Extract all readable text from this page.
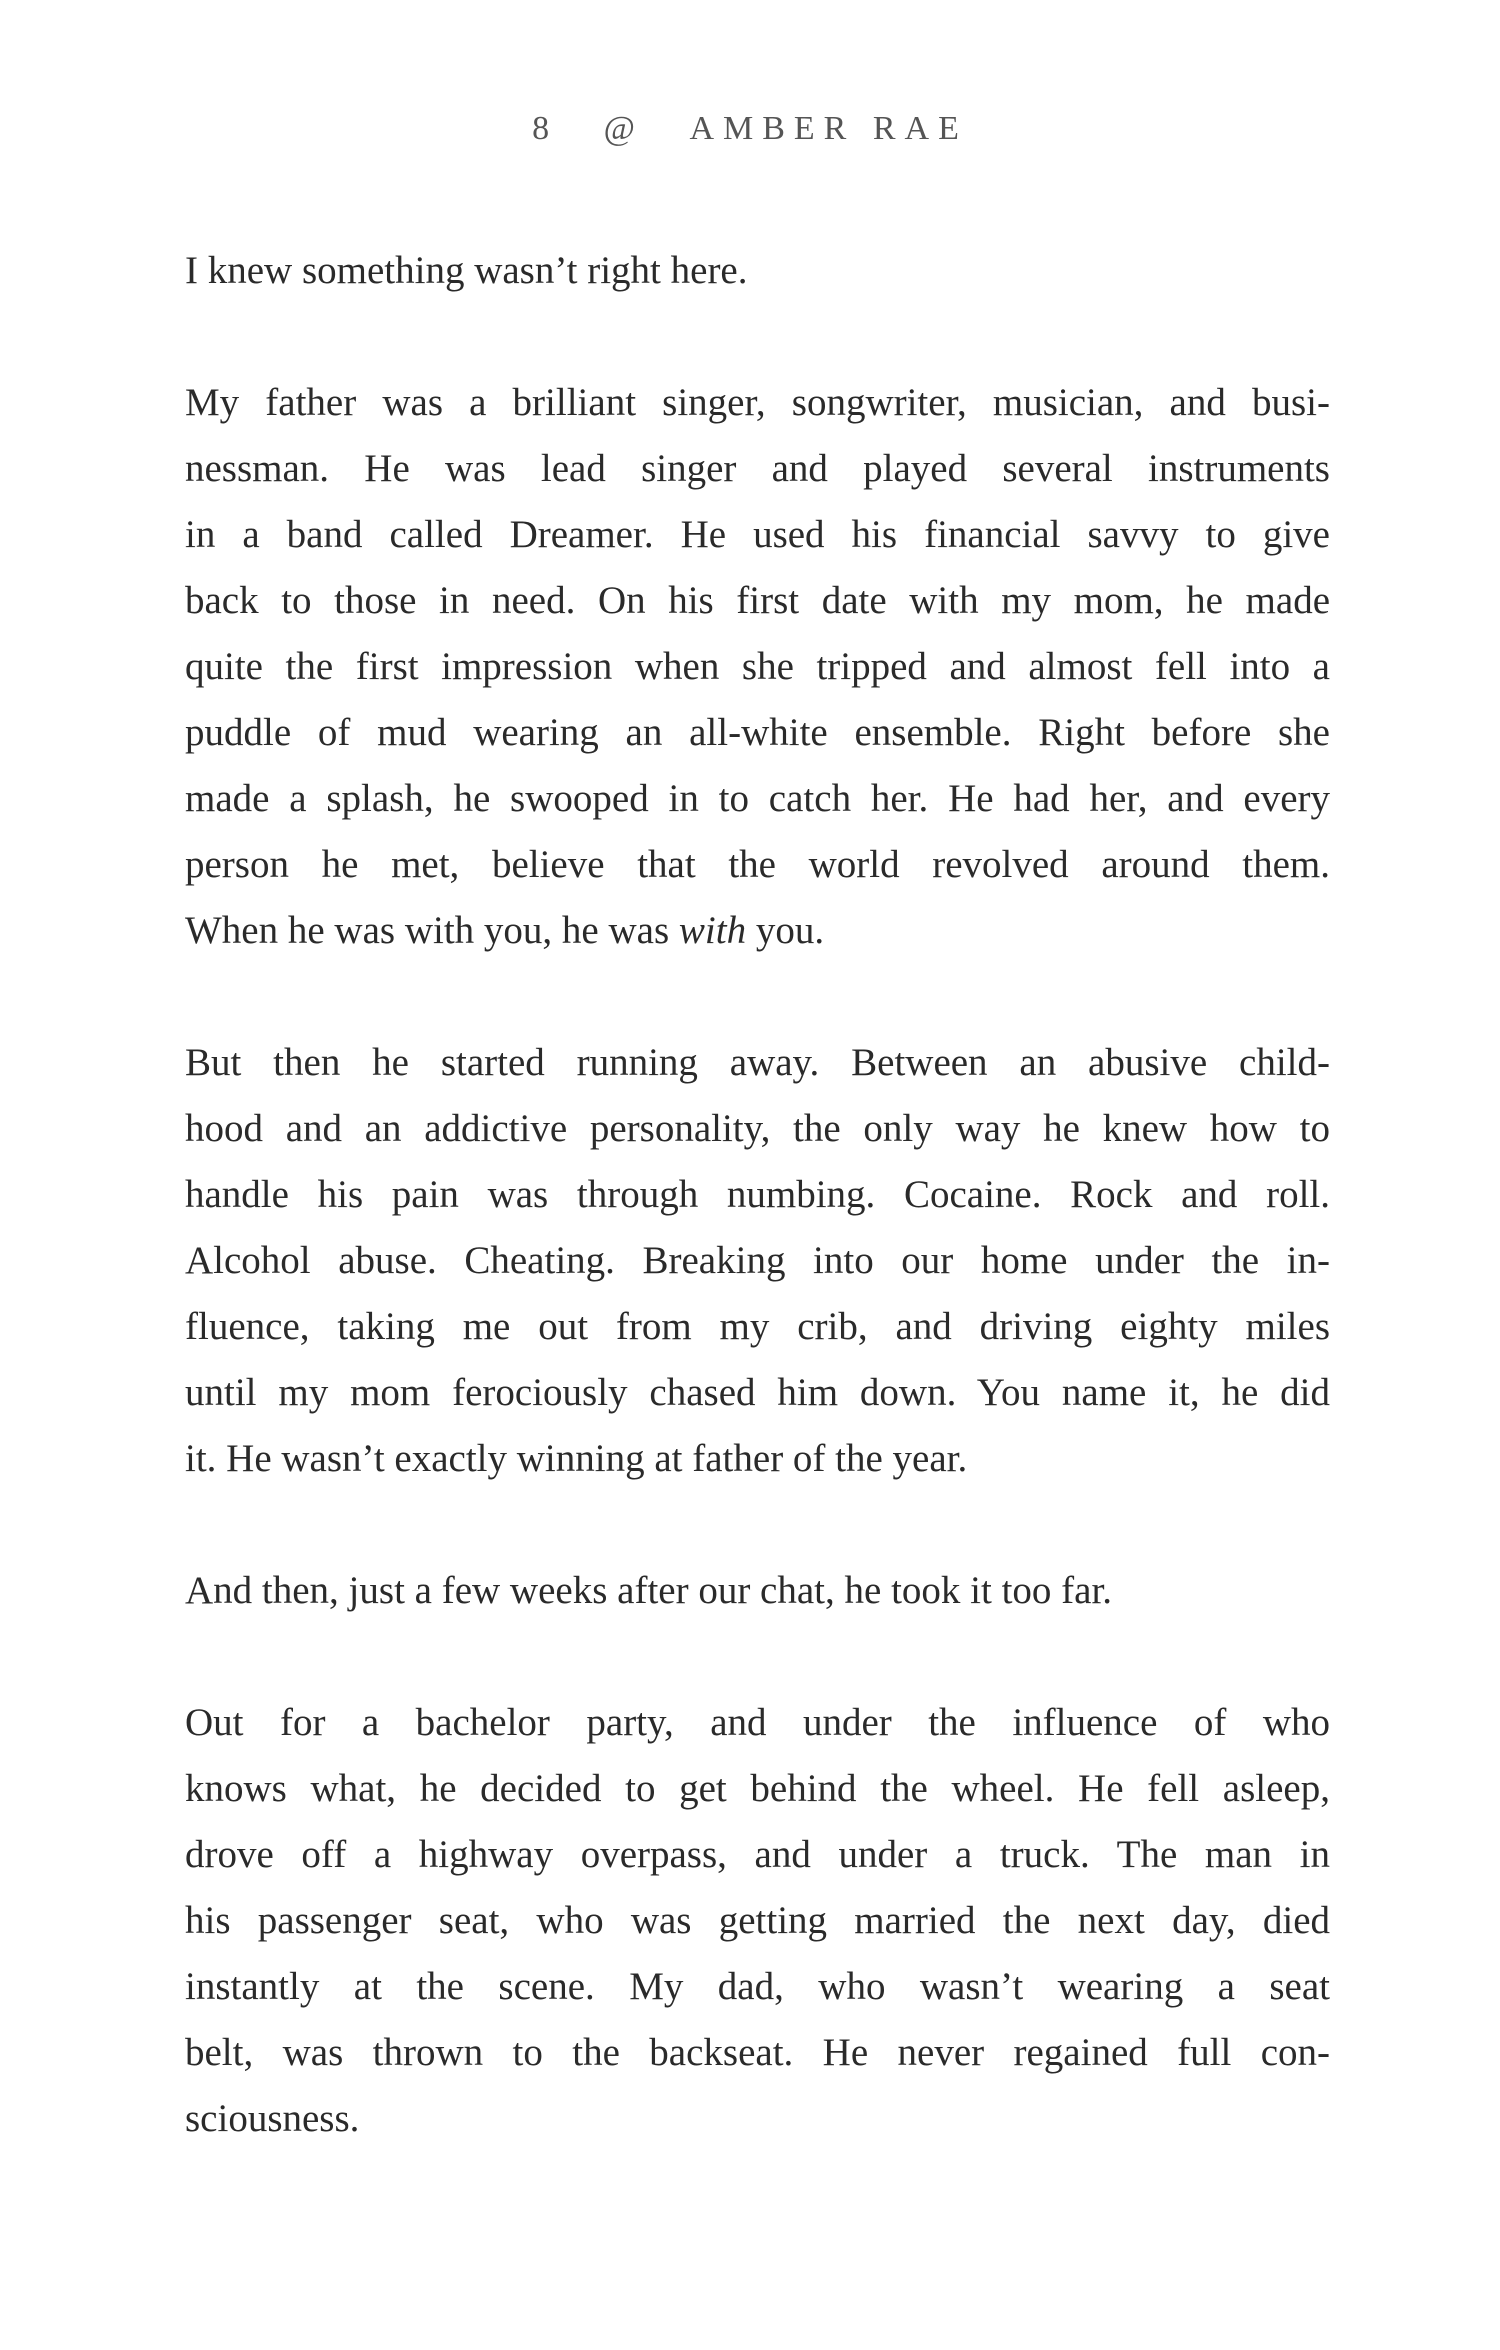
8 @ AMBER RAE
I knew something wasn’t right here.
My father was a brilliant singer, songwriter, musician, and busi-
nessman. He was lead singer and played several instruments
in a band called Dreamer. He used his financial savvy to give
back to those in need. On his first date with my mom, he made
quite the first impression when she tripped and almost fell into a
puddle of mud wearing an all-white ensemble. Right before she
made a splash, he swooped in to catch her. He had her, and every
person he met, believe that the world revolved around them.
When he was with you, he was with you.
But then he started running away. Between an abusive child-
hood and an addictive personality, the only way he knew how to
handle his pain was through numbing. Cocaine. Rock and roll.
Alcohol abuse. Cheating. Breaking into our home under the in-
fluence, taking me out from my crib, and driving eighty miles
until my mom ferociously chased him down. You name it, he did
it. He wasn’t exactly winning at father of the year.
And then, just a few weeks after our chat, he took it too far.
Out for a bachelor party, and under the influence of who
knows what, he decided to get behind the wheel. He fell asleep,
drove off a highway overpass, and under a truck. The man in
his passenger seat, who was getting married the next day, died
instantly at the scene. My dad, who wasn’t wearing a seat
belt, was thrown to the backseat. He never regained full con-
sciousness.
